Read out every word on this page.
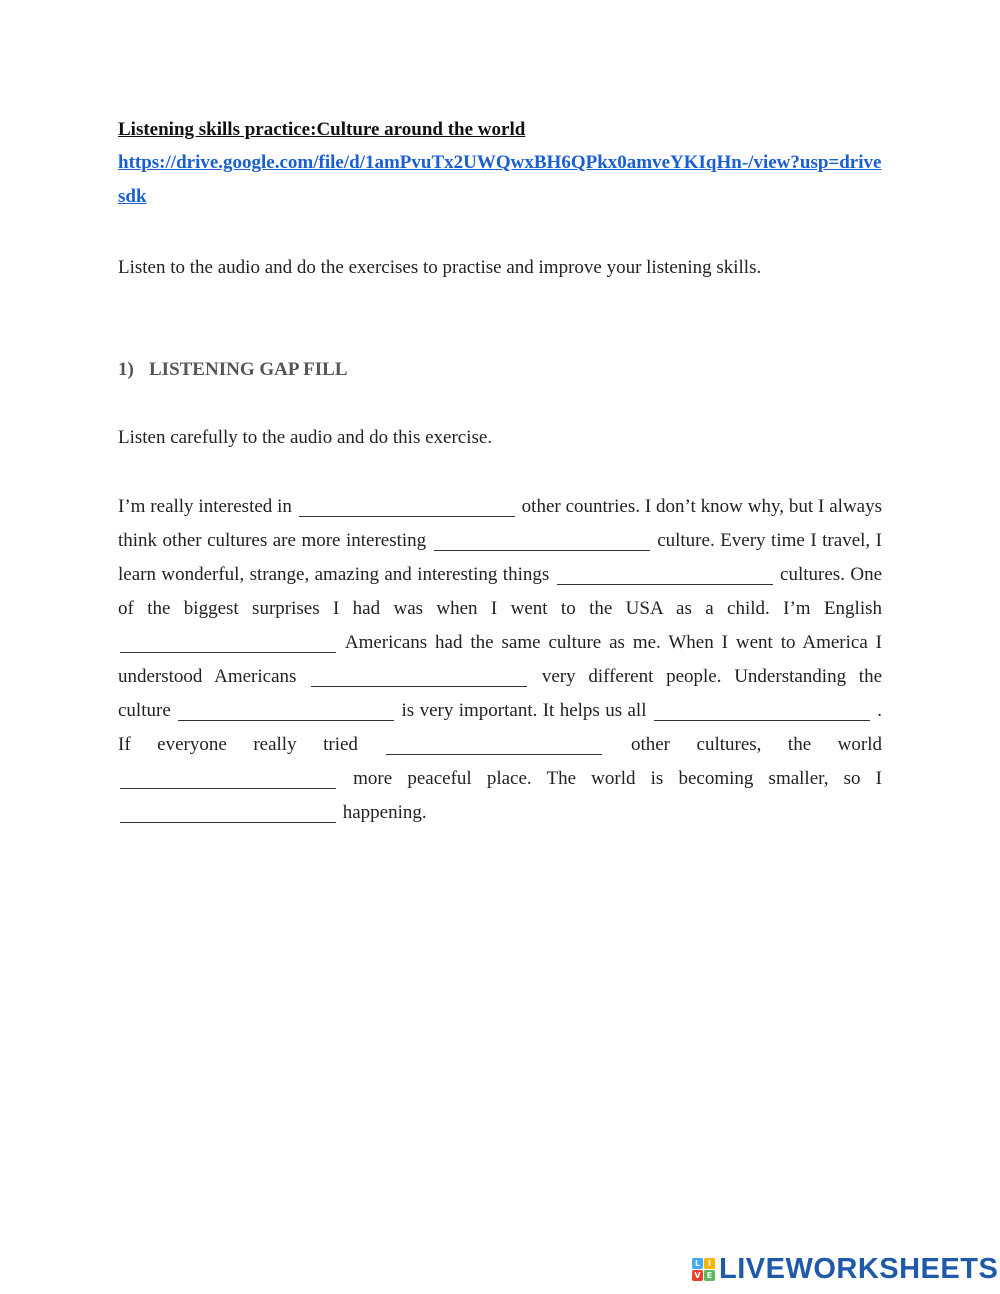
Listening skills practice:Culture around the world

https://drive.google.com/file/d/1amPvuTx2UWQwxBH6QPkx0amveYKIqHn-/view?usp=drivesdk

Listen to the audio and do the exercises to practise and improve your listening skills.

1) LISTENING GAP FILL

Listen carefully to the audio and do this exercise.

I’m really interested in	other countries. I don’t know why, but I always think other cultures are more interesting	culture. Every time I travel, I learn wonderful, strange, amazing and interesting things	cultures. One of the biggest surprises I had was when I went to the USA as a child. I’m English  Americans had the same culture as me. When I went to America I understood Americans	very different people. Understanding the culture	is very important. It helps us all	. If everyone really tried	other cultures, the world  more peaceful place. The world is becoming smaller, so I  happening.

L I
V E LIVEWORKSHEETS
